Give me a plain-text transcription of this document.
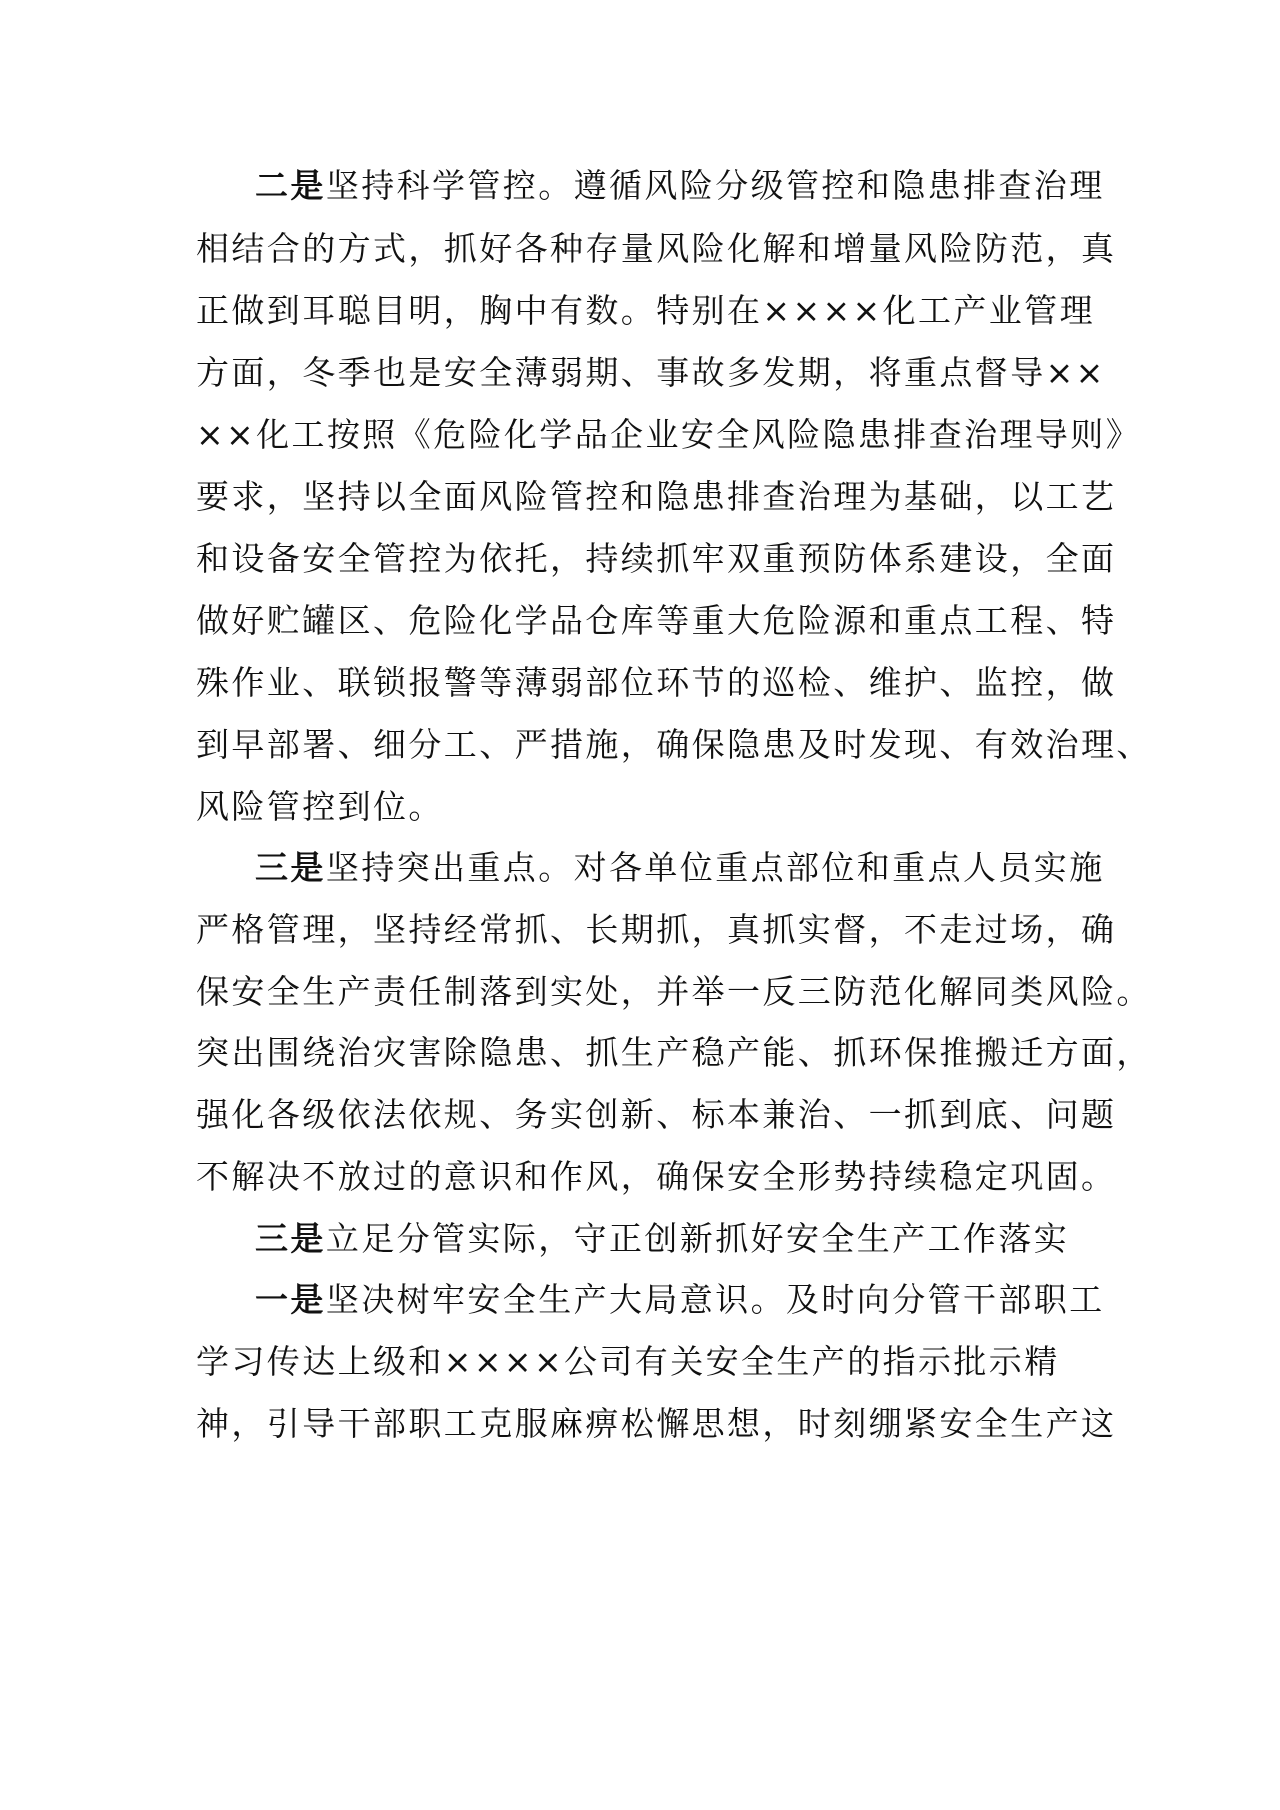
二是坚持科学管控。遵循风险分级管控和隐患排查治理
相结合的方式，抓好各种存量风险化解和增量风险防范，真
正做到耳聪目明，胸中有数。特别在××××化工产业管理
方面，冬季也是安全薄弱期、事故多发期，将重点督导××
××化工按照《危险化学品企业安全风险隐患排查治理导则》
要求，坚持以全面风险管控和隐患排查治理为基础，以工艺
和设备安全管控为依托，持续抓牢双重预防体系建设，全面
做好贮罐区、危险化学品仓库等重大危险源和重点工程、特
殊作业、联锁报警等薄弱部位环节的巡检、维护、监控，做
到早部署、细分工、严措施，确保隐患及时发现、有效治理、
风险管控到位。
三是坚持突出重点。对各单位重点部位和重点人员实施
严格管理，坚持经常抓、长期抓，真抓实督，不走过场，确
保安全生产责任制落到实处，并举一反三防范化解同类风险。
突出围绕治灾害除隐患、抓生产稳产能、抓环保推搬迁方面，
强化各级依法依规、务实创新、标本兼治、一抓到底、问题
不解决不放过的意识和作风，确保安全形势持续稳定巩固。
三是立足分管实际，守正创新抓好安全生产工作落实
一是坚决树牢安全生产大局意识。及时向分管干部职工
学习传达上级和××××公司有关安全生产的指示批示精
神，引导干部职工克服麻痹松懈思想，时刻绷紧安全生产这
